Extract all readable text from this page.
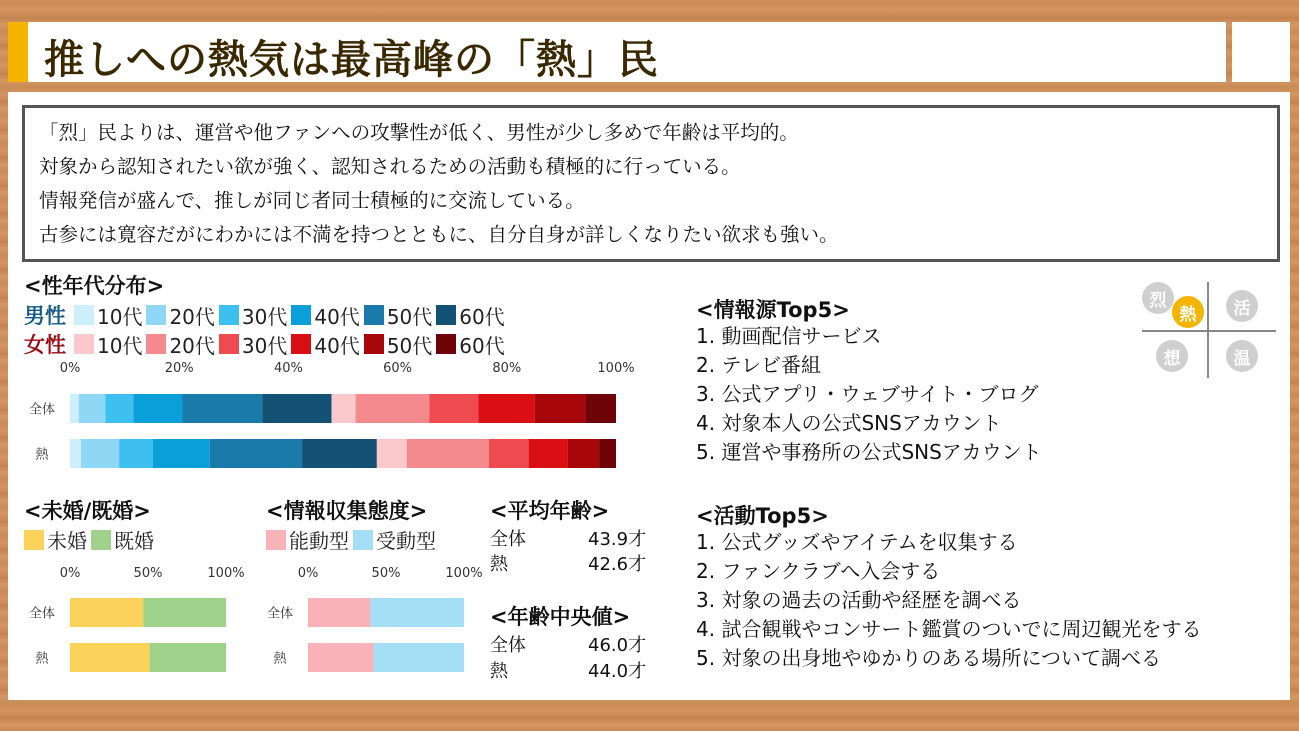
推しへの熱気は最高峰の「熱」民
「烈」民よりは、運営や他ファンへの攻撃性が低く、男性が少し多めで年齢は平均的。
対象から認知されたい欲が強く、認知されるための活動も積極的に行っている。
情報発信が盛んで、推しが同じ者同士積極的に交流している。
古参には寛容だがにわかには不満を持つとともに、自分自身が詳しくなりたい欲求も強い。
<性年代分布>
男性 10代 20代 30代 40代 50代 60代
女性 10代 20代 30代 40代 50代 60代
0%	20%	40%	60%	80%	100%
全体
熱
0%	50%	100%
全体
熱
0%	50%	100%
全体
熱
<未婚/既婚>
未婚 既婚
<情報収集態度>
能動型 受動型
<平均年齢>
全体	43.9才
熱	42.6才
<年齢中央値>
全体	46.0才
熱	44.0才
<情報源Top5>
1. 動画配信サービス
2. テレビ番組
3. 公式アプリ・ウェブサイト・ブログ
4. 対象本人の公式SNSアカウント
5. 運営や事務所の公式SNSアカウント
<活動Top5>
1. 公式グッズやアイテムを収集する
2. ファンクラブへ入会する
3. 対象の過去の活動や経歴を調べる
4. 試合観戦やコンサート鑑賞のついでに周辺観光をする
5. 対象の出身地やゆかりのある場所について調べる
烈
熱	活
想	温
